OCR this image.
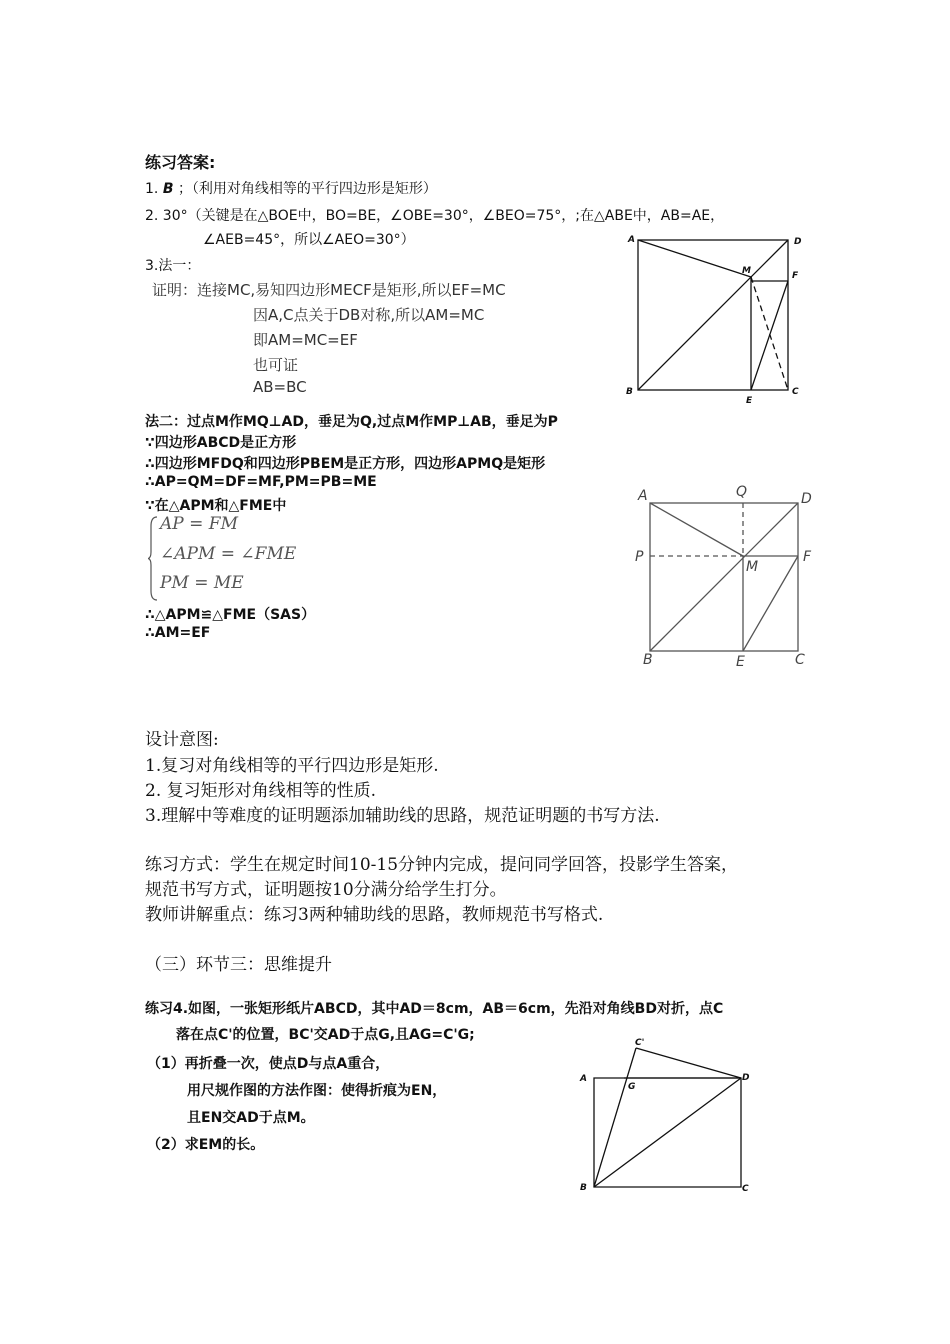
练习答案:
1. B ；（利用对角线相等的平行四边形是矩形）
2. 30°（关键是在△BOE中，BO=BE，∠OBE=30°，∠BEO=75°，;在△ABE中，AB=AE，
∠AEB=45°，所以∠AEO=30°）
3.法一：
证明：连接MC,易知四边形MECF是矩形,所以EF=MC
因A,C点关于DB对称,所以AM=MC
即AM=MC=EF
也可证
AB=BC
A	D
M	F
B
E
C
法二：过点M作MQ⊥AD，垂足为Q,过点M作MP⊥AB，垂足为P
∵四边形ABCD是正方形
∴四边形MFDQ和四边形PBEM是正方形，四边形APMQ是矩形
∴AP=QM=DF=MF,PM=PB=ME
∵在△APM和△FME中
AP = FM
∠APM = ∠FME
PM = ME
∴△APM≌△FME（SAS）
∴AM=EF
A	Q	D
P
M
F
B	E	C
设计意图:
1.复习对角线相等的平行四边形是矩形.
2. 复习矩形对角线相等的性质.
3.理解中等难度的证明题添加辅助线的思路，规范证明题的书写方法.
练习方式：学生在规定时间10-15分钟内完成，提问同学回答，投影学生答案，
规范书写方式，证明题按10分满分给学生打分。
教师讲解重点：练习3两种辅助线的思路，教师规范书写格式.
（三）环节三：思维提升
练习4.如图，一张矩形纸片ABCD，其中AD＝8cm，AB＝6cm，先沿对角线BD对折，点C
落在点C'的位置，BC'交AD于点G,且AG=C'G;
（1）再折叠一次，使点D与点A重合，
用尺规作图的方法作图：使得折痕为EN，
且EN交AD于点M。
（2）求EM的长。
C'
A
G
D
B	C
